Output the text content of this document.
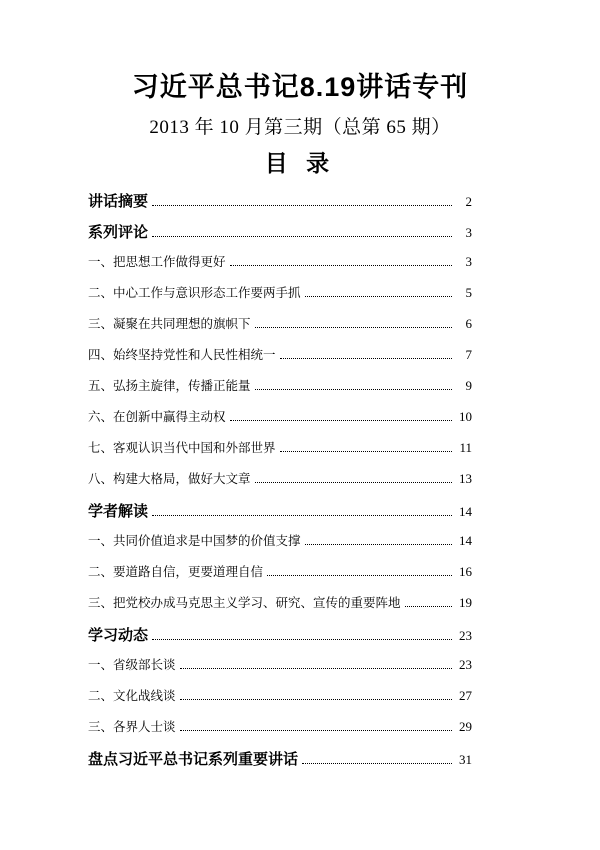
习近平总书记8.19讲话专刊
2013 年 10 月第三期（总第 65 期）
目 录
讲话摘要	2
系列评论	3
一、把思想工作做得更好	3
二、中心工作与意识形态工作要两手抓	5
三、凝聚在共同理想的旗帜下	6
四、始终坚持党性和人民性相统一	7
五、弘扬主旋律，传播正能量	9
六、在创新中赢得主动权	10
七、客观认识当代中国和外部世界	11
八、构建大格局，做好大文章	13
学者解读	14
一、共同价值追求是中国梦的价值支撑	14
二、要道路自信，更要道理自信	16
三、把党校办成马克思主义学习、研究、宣传的重要阵地	19
学习动态	23
一、省级部长谈	23
二、文化战线谈	27
三、各界人士谈	29
盘点习近平总书记系列重要讲话	31
